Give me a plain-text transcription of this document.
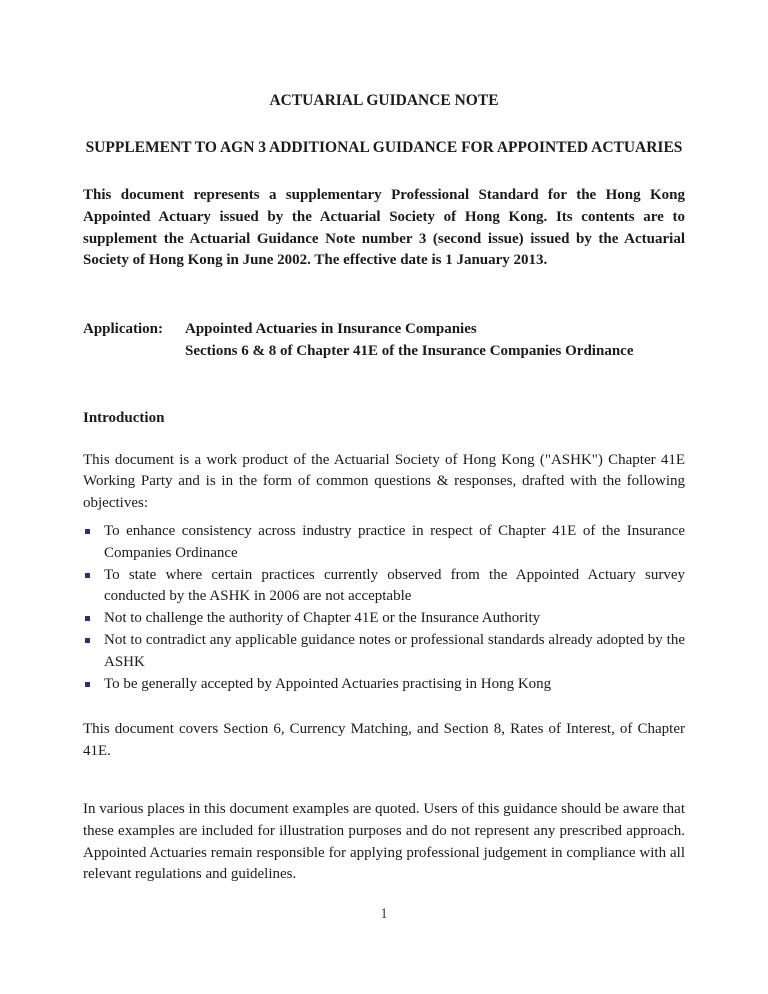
ACTUARIAL GUIDANCE NOTE
SUPPLEMENT TO AGN 3 ADDITIONAL GUIDANCE FOR APPOINTED ACTUARIES

This document represents a supplementary Professional Standard for the Hong Kong Appointed Actuary issued by the Actuarial Society of Hong Kong. Its contents are to supplement the Actuarial Guidance Note number 3 (second issue) issued by the Actuarial Society of Hong Kong in June 2002. The effective date is 1 January 2013.

Application:	Appointed Actuaries in Insurance Companies
Sections 6 & 8 of Chapter 41E of the Insurance Companies Ordinance
Introduction

This document is a work product of the Actuarial Society of Hong Kong ("ASHK") Chapter 41E Working Party and is in the form of common questions & responses, drafted with the following objectives:

To enhance consistency across industry practice in respect of Chapter 41E of the Insurance Companies Ordinance
To state where certain practices currently observed from the Appointed Actuary survey conducted by the ASHK in 2006 are not acceptable
Not to challenge the authority of Chapter 41E or the Insurance Authority
Not to contradict any applicable guidance notes or professional standards already adopted by the ASHK
To be generally accepted by Appointed Actuaries practising in Hong Kong

This document covers Section 6, Currency Matching, and Section 8, Rates of Interest, of Chapter 41E.

In various places in this document examples are quoted. Users of this guidance should be aware that these examples are included for illustration purposes and do not represent any prescribed approach. Appointed Actuaries remain responsible for applying professional judgement in compliance with all relevant regulations and guidelines.

1
